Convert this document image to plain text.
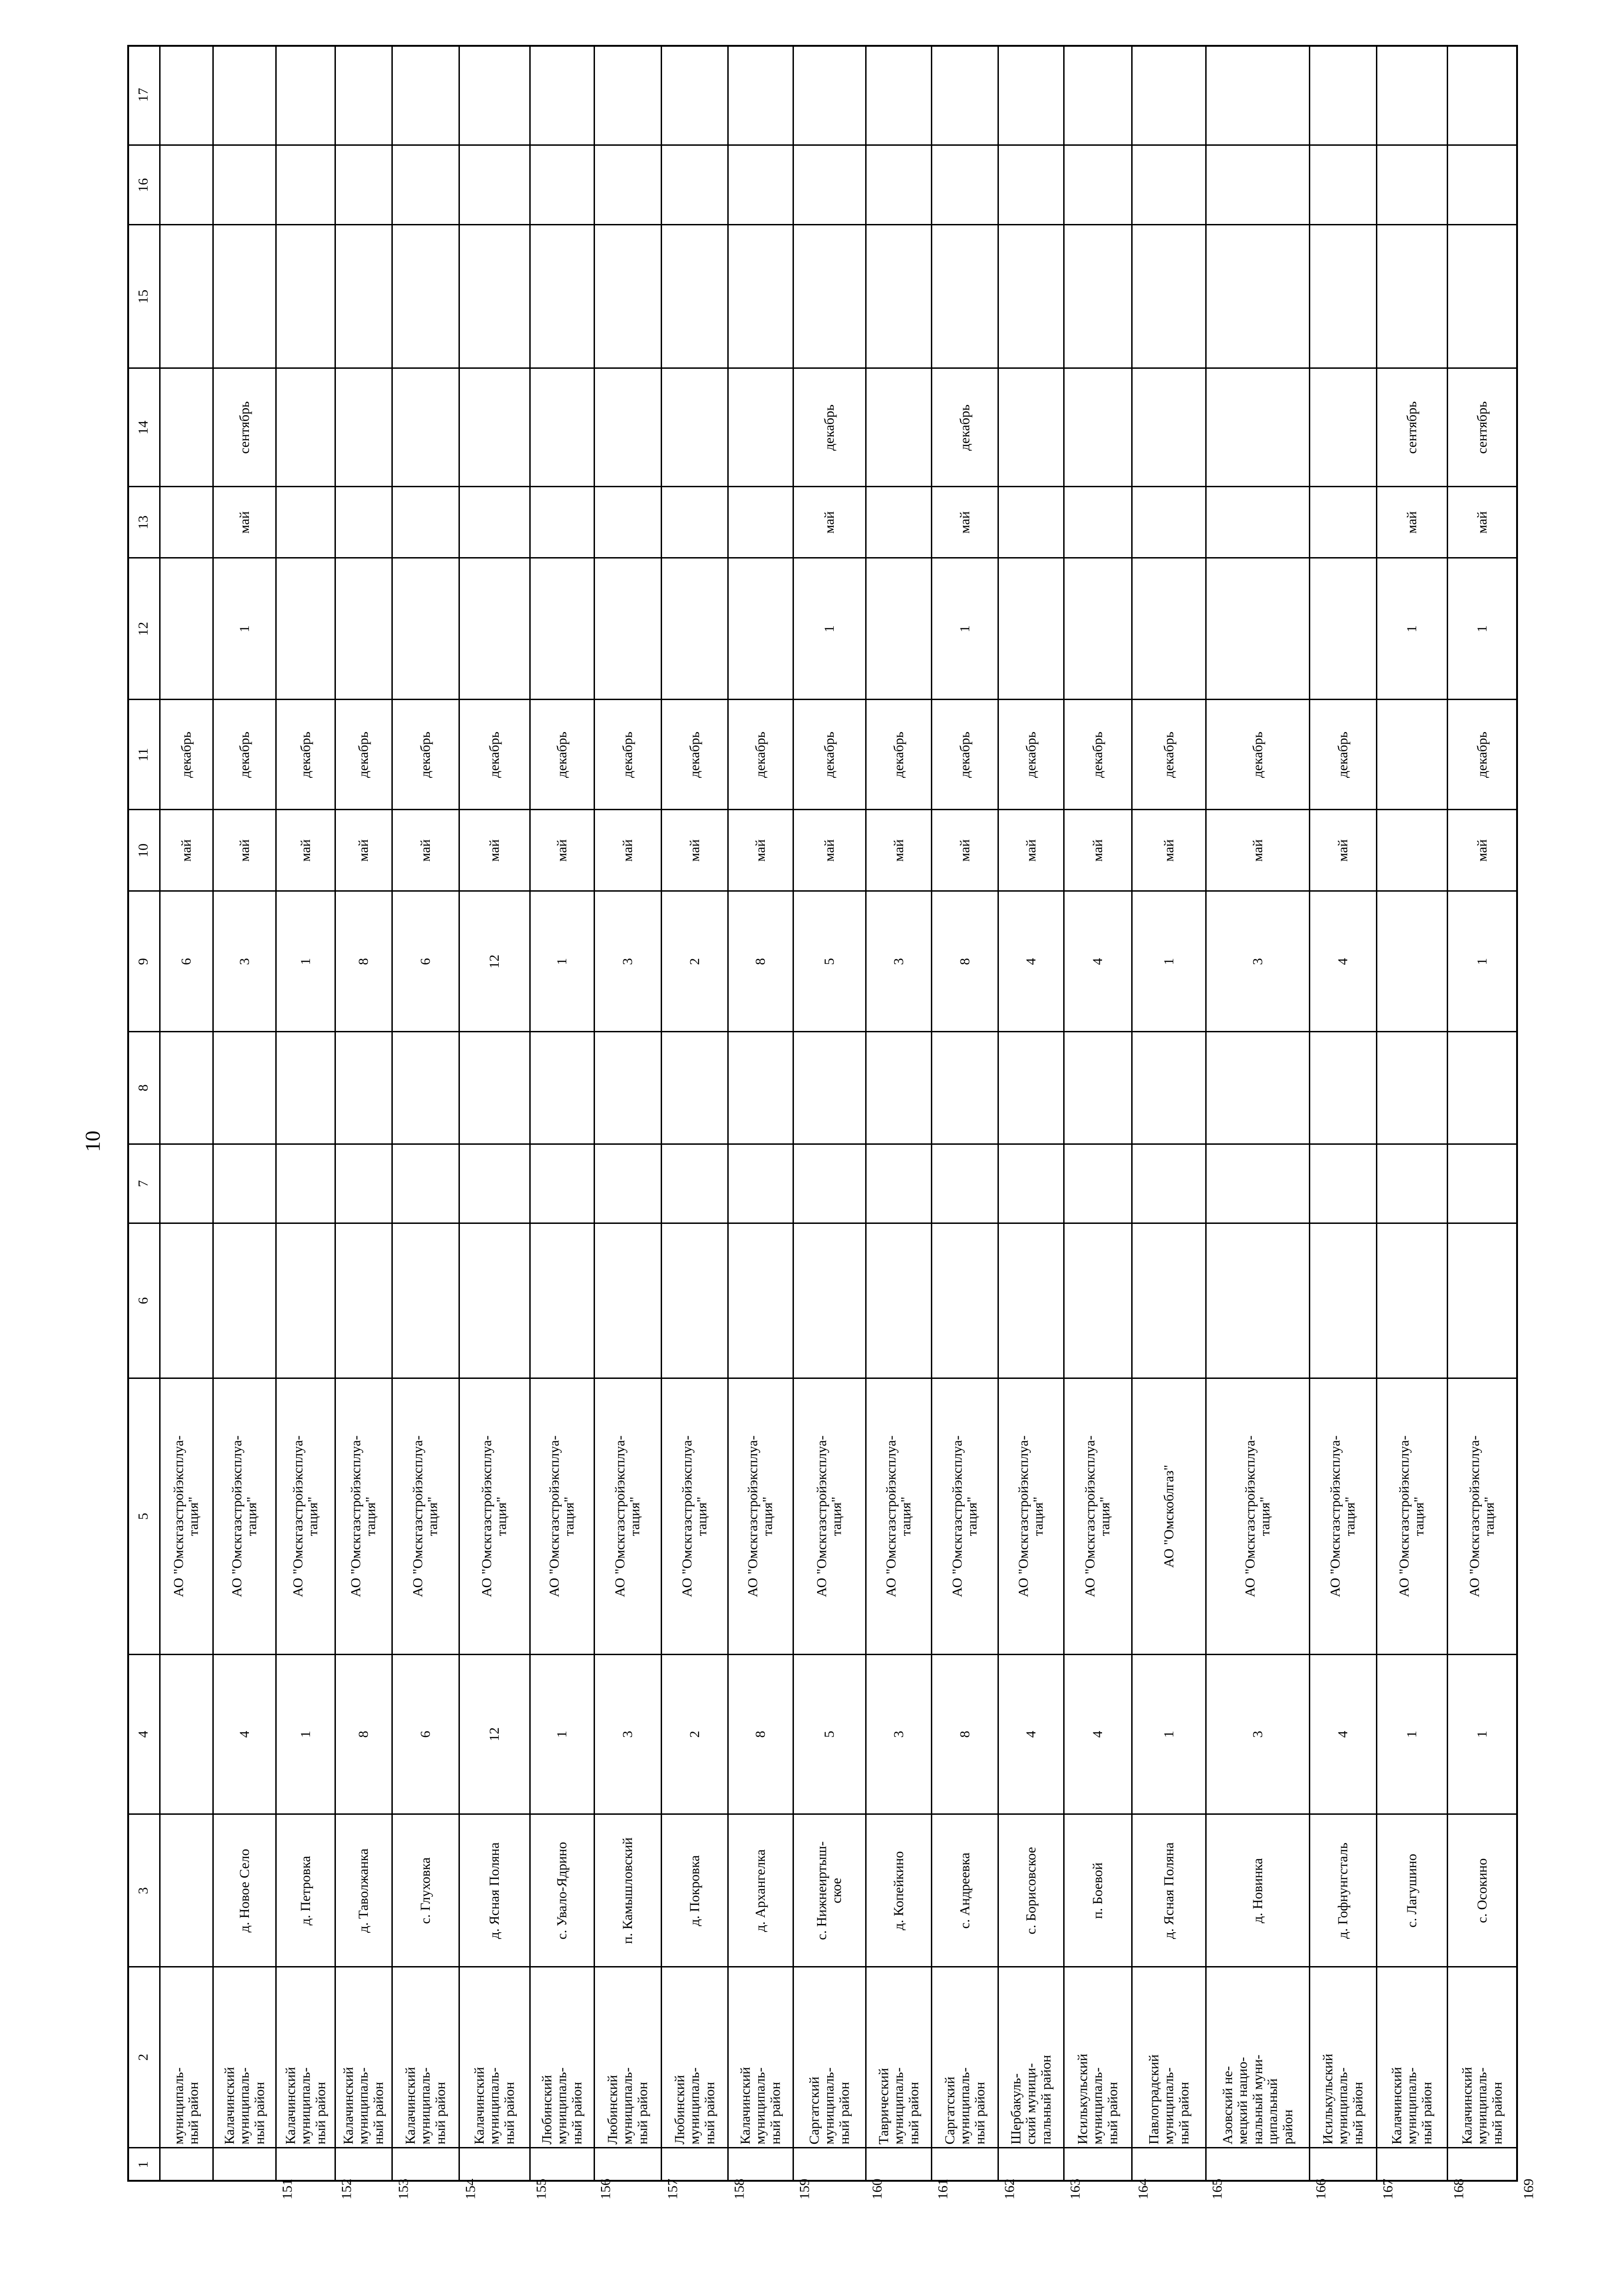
10
1
2
3
4
5
6
7
8
9
10
11
12
13
14
15
16
17
муниципаль-
ный район
АО "Омскгазстройэксплуа-
тация"
6
май
декабрь
151
Калачинский
муниципаль-
ный район
д. Новое Село
4
АО "Омскгазстройэксплуа-
тация"
3
май
декабрь
1
май
сентябрь
152
Калачинский
муниципаль-
ный район
д. Петровка
1
АО "Омскгазстройэксплуа-
тация"
1
май
декабрь
153
Калачинский
муниципаль-
ный район
д. Таволжанка
8
АО "Омскгазстройэксплуа-
тация"
8
май
декабрь
154
Калачинский
муниципаль-
ный район
с. Глуховка
6
АО "Омскгазстройэксплуа-
тация"
6
май
декабрь
155
Калачинский
муниципаль-
ный район
д. Ясная Поляна
12
АО "Омскгазстройэксплуа-
тация"
12
май
декабрь
156
Любинский
муниципаль-
ный район
с. Увало-Ядрино
1
АО "Омскгазстройэксплуа-
тация"
1
май
декабрь
157
Любинский
муниципаль-
ный район
п. Камышловский
3
АО "Омскгазстройэксплуа-
тация"
3
май
декабрь
158
Любинский
муниципаль-
ный район
д. Покровка
2
АО "Омскгазстройэксплуа-
тация"
2
май
декабрь
159
Калачинский
муниципаль-
ный район
д. Архангелка
8
АО "Омскгазстройэксплуа-
тация"
8
май
декабрь
160
Саргатский
муниципаль-
ный район
с. Нижнеиртыш-
ское
5
АО "Омскгазстройэксплуа-
тация"
5
май
декабрь
1
май
декабрь
161
Таврический
муниципаль-
ный район
д. Копейкино
3
АО "Омскгазстройэксплуа-
тация"
3
май
декабрь
162
Саргатский
муниципаль-
ный район
с. Андреевка
8
АО "Омскгазстройэксплуа-
тация"
8
май
декабрь
1
май
декабрь
163
Шербакуль-
ский муници-
пальный район
с. Борисовское
4
АО "Омскгазстройэксплуа-
тация"
4
май
декабрь
164
Исилькульский
муниципаль-
ный район
п. Боевой
4
АО "Омскгазстройэксплуа-
тация"
4
май
декабрь
165
Павлоградский
муниципаль-
ный район
д. Ясная Поляна
1
АО "Омскоблгаз"
1
май
декабрь
166
Азовский не-
мецкий нацио-
нальный муни-
ципальный
район
д. Новинка
3
АО "Омскгазстройэксплуа-
тация"
3
май
декабрь
167
Исилькульский
муниципаль-
ный район
д. Гофнунгсталь
4
АО "Омскгазстройэксплуа-
тация"
4
май
декабрь
168
Калачинский
муниципаль-
ный район
с. Лагушино
1
АО "Омскгазстройэксплуа-
тация"
1
май
сентябрь
169
Калачинский
муниципаль-
ный район
с. Осокино
1
АО "Омскгазстройэксплуа-
тация"
1
май
декабрь
1
май
сентябрь
